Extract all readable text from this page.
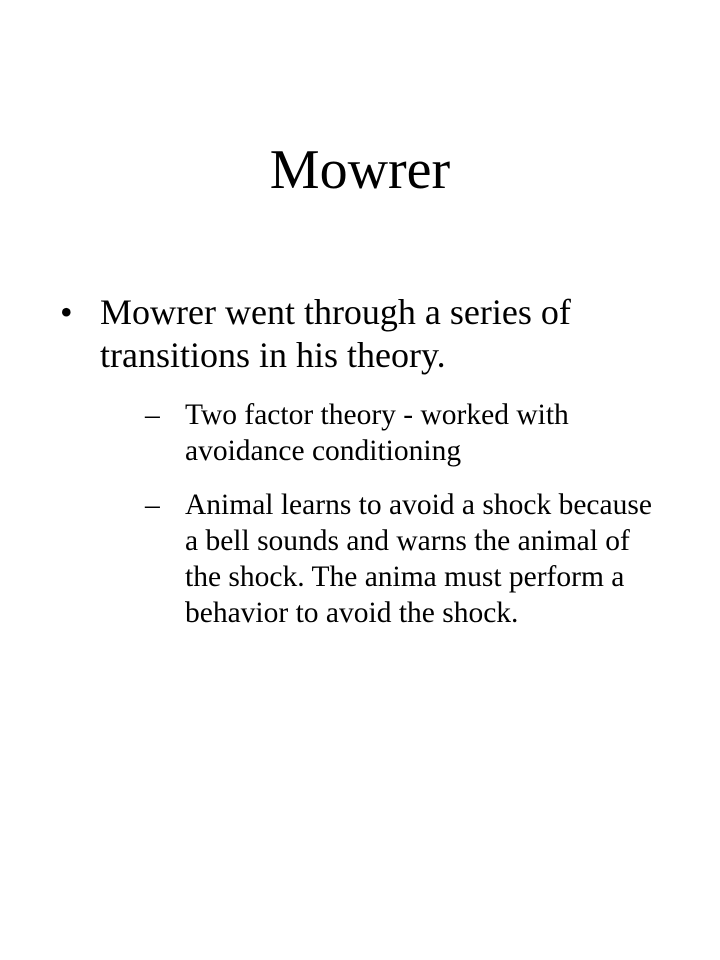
Mowrer
• Mowrer went through a series of transitions in his theory.
– Two factor theory - worked with avoidance conditioning
– Animal learns to avoid a shock because a bell sounds and warns the animal of the shock. The anima must perform a behavior to avoid the shock.
